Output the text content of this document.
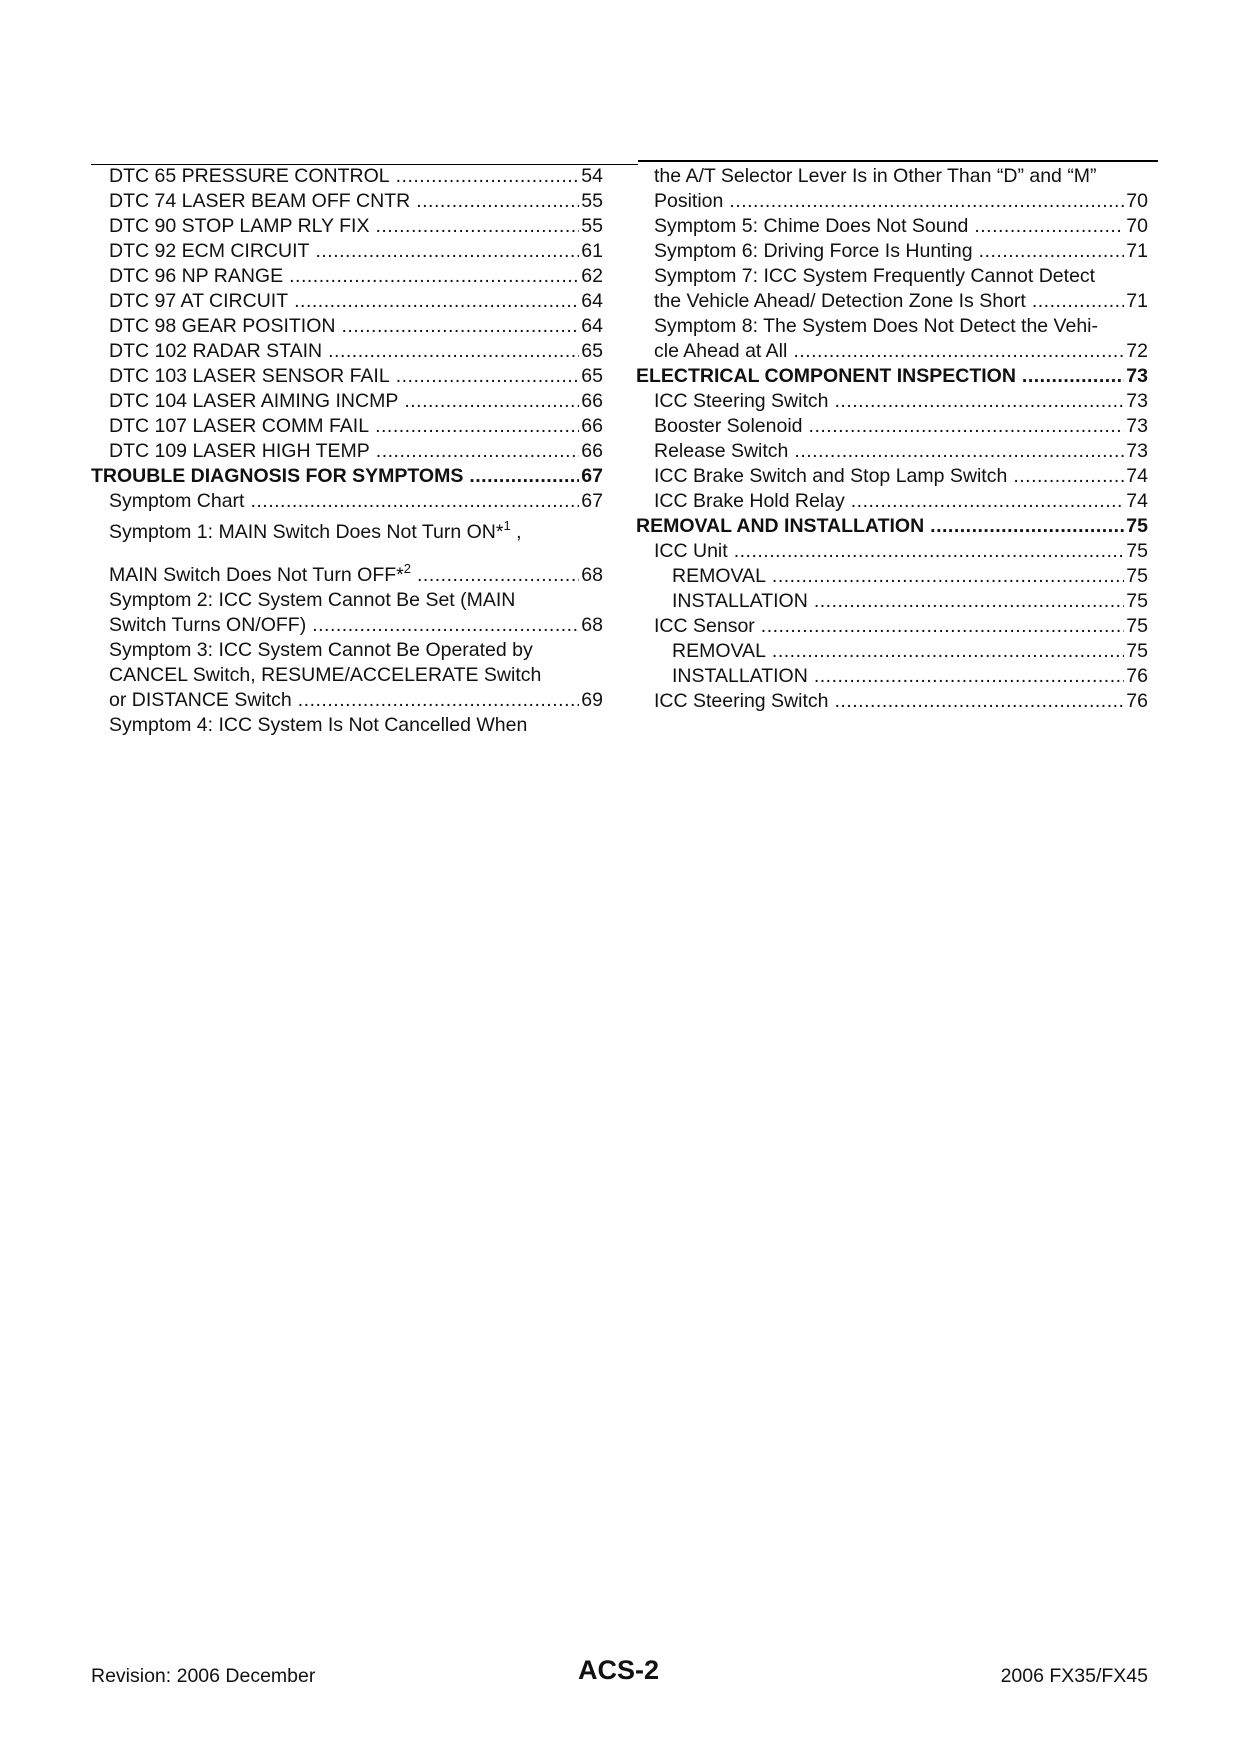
DTC 65 PRESSURE CONTROL .....	54
DTC 74 LASER BEAM OFF CNTR .....	55
DTC 90 STOP LAMP RLY FIX .....	55
DTC 92 ECM CIRCUIT .....	61
DTC 96 NP RANGE .....	62
DTC 97 AT CIRCUIT .....	64
DTC 98 GEAR POSITION .....	64
DTC 102 RADAR STAIN .....	65
DTC 103 LASER SENSOR FAIL .....	65
DTC 104 LASER AIMING INCMP .....	66
DTC 107 LASER COMM FAIL .....	66
DTC 109 LASER HIGH TEMP .....	66
TROUBLE DIAGNOSIS FOR SYMPTOMS .....	67
Symptom Chart .....	67
Symptom 1: MAIN Switch Does Not Turn ON*$^1$ ,
MAIN Switch Does Not Turn OFF*$^2$ .....	68
Symptom 2: ICC System Cannot Be Set (MAIN
Switch Turns ON/OFF) .....	68
Symptom 3: ICC System Cannot Be Operated by
CANCEL Switch, RESUME/ACCELERATE Switch
or DISTANCE Switch .....	69
Symptom 4: ICC System Is Not Cancelled When
the A/T Selector Lever Is in Other Than “D” and “M”
Position .....	70
Symptom 5: Chime Does Not Sound .....	70
Symptom 6: Driving Force Is Hunting .....	71
Symptom 7: ICC System Frequently Cannot Detect
the Vehicle Ahead/ Detection Zone Is Short .....	71
Symptom 8: The System Does Not Detect the Vehi-
cle Ahead at All .....	72
ELECTRICAL COMPONENT INSPECTION .....	73
ICC Steering Switch .....	73
Booster Solenoid .....	73
Release Switch .....	73
ICC Brake Switch and Stop Lamp Switch .....	74
ICC Brake Hold Relay .....	74
REMOVAL AND INSTALLATION .....	75
ICC Unit .....	75
REMOVAL .....	75
INSTALLATION .....	75
ICC Sensor .....	75
REMOVAL .....	75
INSTALLATION .....	76
ICC Steering Switch .....	76
Revision: 2006 December	ACS-2	2006 FX35/FX45
